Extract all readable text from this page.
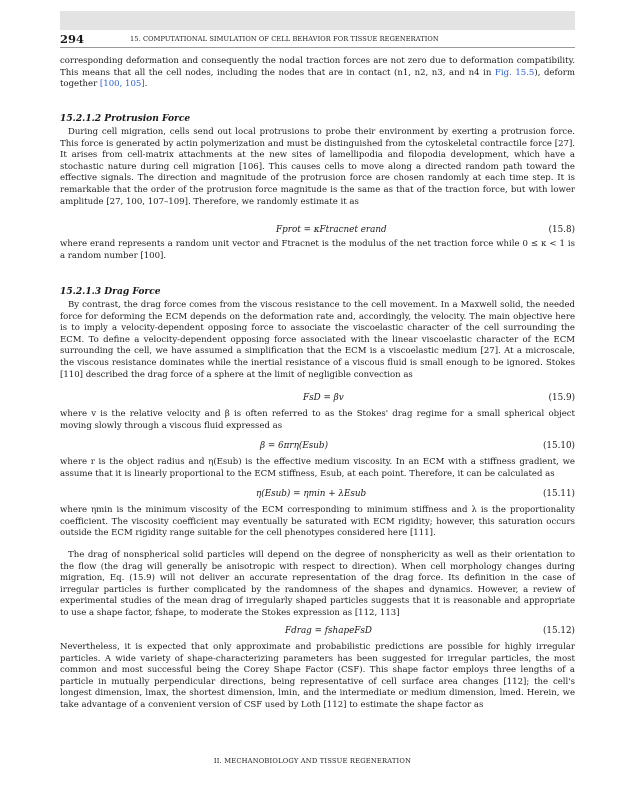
294	15. COMPUTATIONAL SIMULATION OF CELL BEHAVIOR FOR TISSUE REGENERATION
corresponding deformation and consequently the nodal traction forces are not zero due to deformation compatibility. This means that all the cell nodes, including the nodes that are in contact (n1, n2, n3, and n4 in Fig. 15.5), deform together [100, 105].
15.2.1.2 Protrusion Force
During cell migration, cells send out local protrusions to probe their environment by exerting a protrusion force. This force is generated by actin polymerization and must be distinguished from the cytoskeletal contractile force [27]. It arises from cell-matrix attachments at the new sites of lamellipodia and filopodia development, which have a stochastic nature during cell migration [106]. This causes cells to move along a directed random path toward the effective signals. The direction and magnitude of the protrusion force are chosen randomly at each time step. It is remarkable that the order of the protrusion force magnitude is the same as that of the traction force, but with lower amplitude [27, 100, 107–109]. Therefore, we randomly estimate it as
Fprot = κFtracnet erand	(15.8)
where erand represents a random unit vector and Ftracnet is the modulus of the net traction force while 0 ≤ κ < 1 is a random number [100].
15.2.1.3 Drag Force
By contrast, the drag force comes from the viscous resistance to the cell movement. In a Maxwell solid, the needed force for deforming the ECM depends on the deformation rate and, accordingly, the velocity. The main objective here is to imply a velocity-dependent opposing force to associate the viscoelastic character of the cell surrounding the ECM. To define a velocity-dependent opposing force associated with the linear viscoelastic character of the ECM surrounding the cell, we have assumed a simplification that the ECM is a viscoelastic medium [27]. At a microscale, the viscous resistance dominates while the inertial resistance of a viscous fluid is small enough to be ignored. Stokes [110] described the drag force of a sphere at the limit of negligible convection as
FsD = βv	(15.9)
where v is the relative velocity and β is often referred to as the Stokes' drag regime for a small spherical object moving slowly through a viscous fluid expressed as
β = 6πrη(Esub)	(15.10)
where r is the object radius and η(Esub) is the effective medium viscosity. In an ECM with a stiffness gradient, we assume that it is linearly proportional to the ECM stiffness, Esub, at each point. Therefore, it can be calculated as
η(Esub) = ηmin + λEsub	(15.11)
where ηmin is the minimum viscosity of the ECM corresponding to minimum stiffness and λ is the proportionality coefficient. The viscosity coefficient may eventually be saturated with ECM rigidity; however, this saturation occurs outside the ECM rigidity range suitable for the cell phenotypes considered here [111].
The drag of nonspherical solid particles will depend on the degree of nonsphericity as well as their orientation to the flow (the drag will generally be anisotropic with respect to direction). When cell morphology changes during migration, Eq. (15.9) will not deliver an accurate representation of the drag force. Its definition in the case of irregular particles is further complicated by the randomness of the shapes and dynamics. However, a review of experimental studies of the mean drag of irregularly shaped particles suggests that it is reasonable and appropriate to use a shape factor, fshape, to moderate the Stokes expression as [112, 113]
Fdrag = fshapeFsD	(15.12)
Nevertheless, it is expected that only approximate and probabilistic predictions are possible for highly irregular particles. A wide variety of shape-characterizing parameters has been suggested for irregular particles, the most common and most successful being the Corey Shape Factor (CSF). This shape factor employs three lengths of a particle in mutually perpendicular directions, being representative of cell surface area changes [112]; the cell's longest dimension, lmax, the shortest dimension, lmin, and the intermediate or medium dimension, lmed. Herein, we take advantage of a convenient version of CSF used by Loth [112] to estimate the shape factor as
II. MECHANOBIOLOGY AND TISSUE REGENERATION
